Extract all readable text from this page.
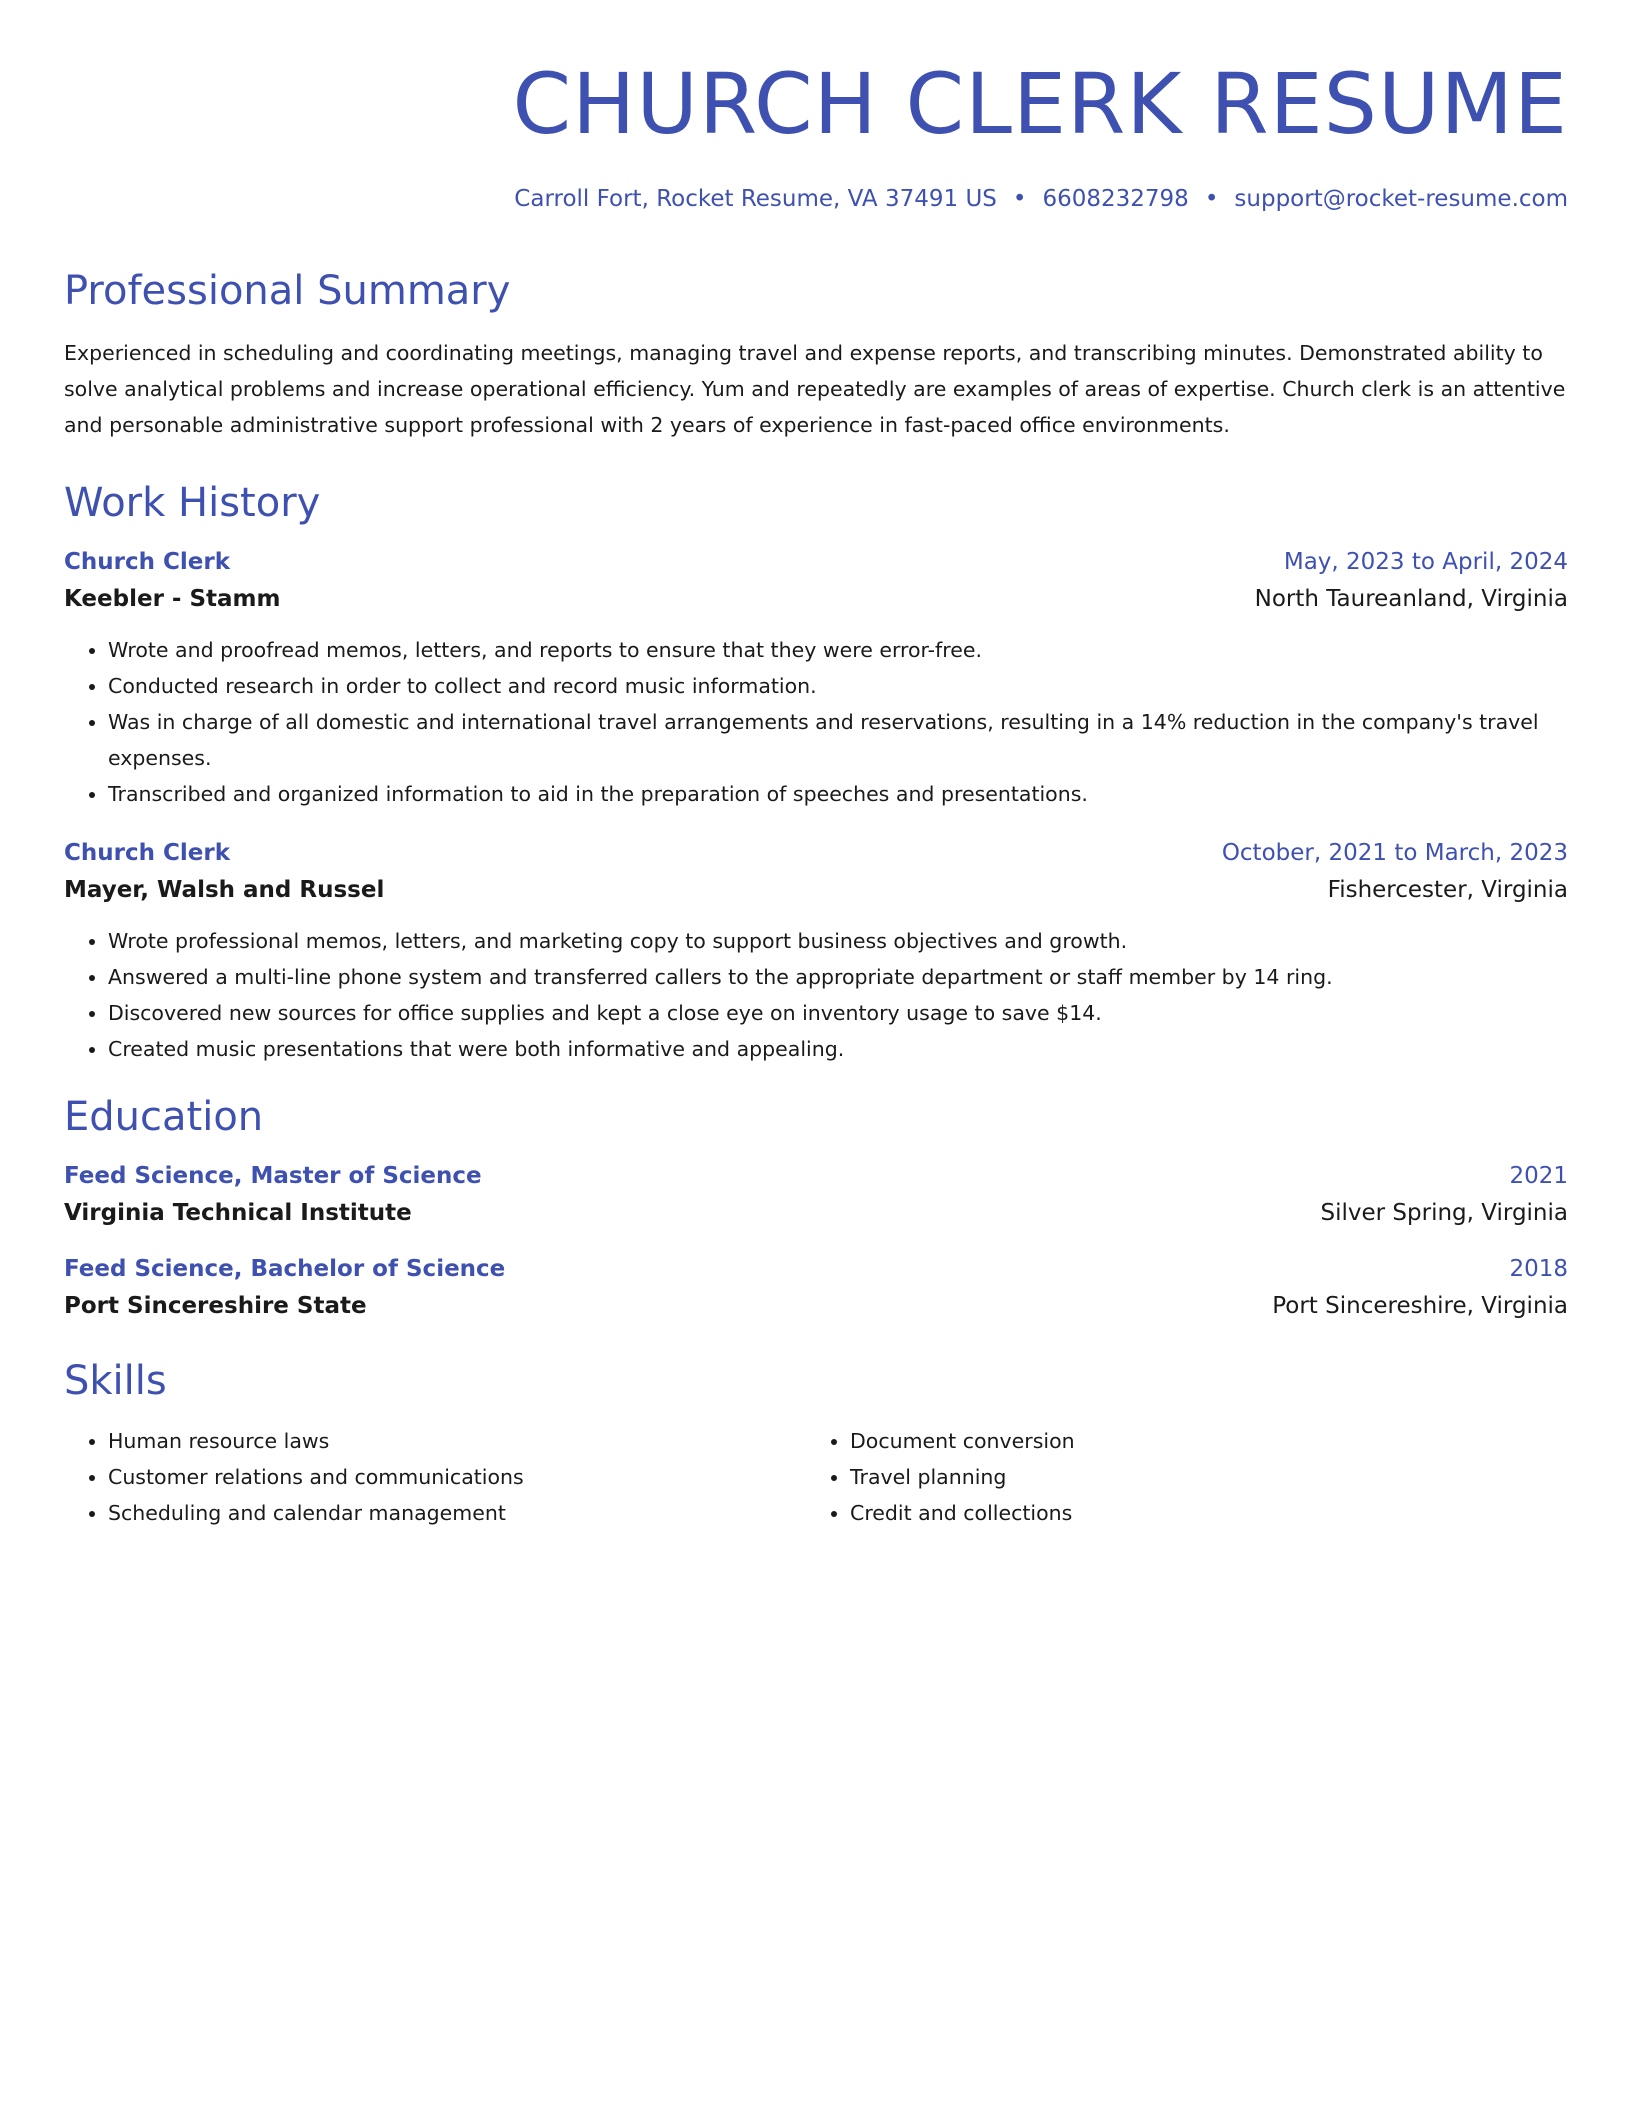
CHURCH CLERK RESUME
Carroll Fort, Rocket Resume, VA 37491 US • 6608232798 • support@rocket-resume.com
Professional Summary
Experienced in scheduling and coordinating meetings, managing travel and expense reports, and transcribing minutes. Demonstrated ability to solve analytical problems and increase operational efficiency. Yum and repeatedly are examples of areas of expertise. Church clerk is an attentive and personable administrative support professional with 2 years of experience in fast-paced office environments.
Work History
Church Clerk	May, 2023 to April, 2024
Keebler - Stamm	North Taureanland, Virginia
• Wrote and proofread memos, letters, and reports to ensure that they were error-free.
• Conducted research in order to collect and record music information.
• Was in charge of all domestic and international travel arrangements and reservations, resulting in a 14% reduction in the company's travel expenses.
• Transcribed and organized information to aid in the preparation of speeches and presentations.
Church Clerk	October, 2021 to March, 2023
Mayer, Walsh and Russel	Fishercester, Virginia
• Wrote professional memos, letters, and marketing copy to support business objectives and growth.
• Answered a multi-line phone system and transferred callers to the appropriate department or staff member by 14 ring.
• Discovered new sources for office supplies and kept a close eye on inventory usage to save $14.
• Created music presentations that were both informative and appealing.
Education
Feed Science, Master of Science	2021
Virginia Technical Institute	Silver Spring, Virginia
Feed Science, Bachelor of Science	2018
Port Sincereshire State	Port Sincereshire, Virginia
Skills
• Human resource laws
• Customer relations and communications
• Scheduling and calendar management
• Document conversion
• Travel planning
• Credit and collections
